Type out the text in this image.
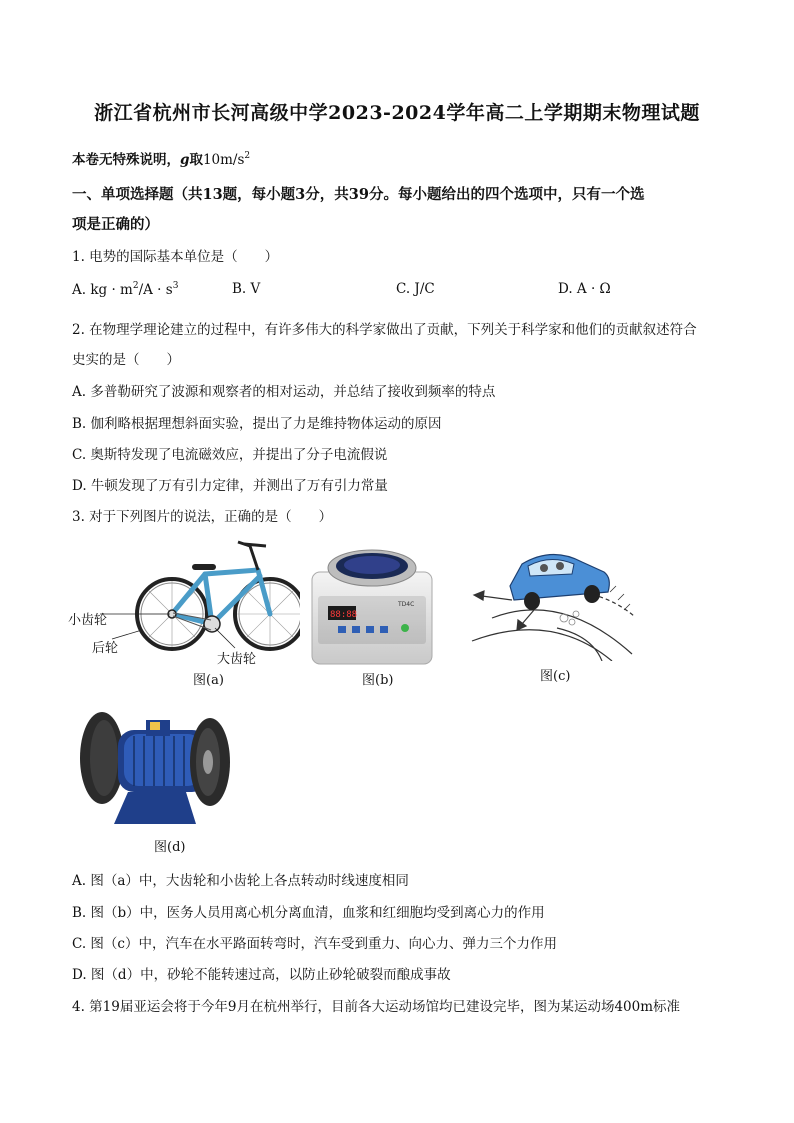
浙江省杭州市长河高级中学2023-2024学年高二上学期期末物理试题
本卷无特殊说明，g取$10m/s^2$
一、单项选择题（共13题，每小题3分，共39分。每小题给出的四个选项中，只有一个选
项是正确的）
1. 电势的国际基本单位是（　　）
A. kg · $m^2/A \cdot s^3$	B. V	C. J/C	D. A · Ω
2. 在物理学理论建立的过程中，有许多伟大的科学家做出了贡献，下列关于科学家和他们的贡献叙述符合
史实的是（　　）
A. 多普勒研究了波源和观察者的相对运动，并总结了接收到频率的特点
B. 伽利略根据理想斜面实验，提出了力是维持物体运动的原因
C. 奥斯特发现了电流磁效应，并提出了分子电流假说
D. 牛顿发现了万有引力定律，并测出了万有引力常量
3. 对于下列图片的说法，正确的是（　　）
小齿轮
后轮
大齿轮
图(a)
88:88
TD4C
图(b)	图(c)
图(d)
A. 图（a）中，大齿轮和小齿轮上各点转动时线速度相同
B. 图（b）中，医务人员用离心机分离血清，血浆和红细胞均受到离心力的作用
C. 图（c）中，汽车在水平路面转弯时，汽车受到重力、向心力、弹力三个力作用
D. 图（d）中，砂轮不能转速过高，以防止砂轮破裂而酿成事故
4. 第19届亚运会将于今年9月在杭州举行，目前各大运动场馆均已建设完毕，图为某运动场400m标准
